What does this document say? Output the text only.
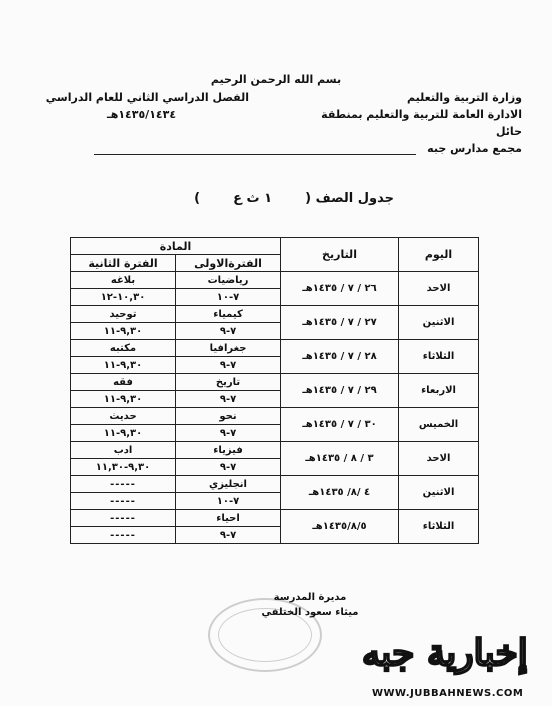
بسم الله الرحمن الرحيم
وزارة التربية والتعليم
الادارة العامة للتربية والتعليم بمنطقة حائل
مجمع مدارس جبه
الفصل الدراسي الثاني للعام الدراسي
١٤٣٥/١٤٣٤هـ
جدول الصف (  ١ ث ع  )
اليوم	التاريخ	المادة	
		الفترةالاولى	الفترة الثانية
الاحد	٢٦ / ٧ / ١٤٣٥هـ	رياضيات	بلاغه
		٧-١٠	١٠,٣٠-١٢
الاثنين	٢٧ / ٧ / ١٤٣٥هـ	كيمياء	توحيد
		٧-٩	٩,٣٠-١١
الثلاثاء	٢٨ / ٧ / ١٤٣٥هـ	جغرافيا	مكتبه
		٧-٩	٩,٣٠-١١
الاربعاء	٢٩ / ٧ / ١٤٣٥هـ	تاريخ	فقه
		٧-٩	٩,٣٠-١١
الخميس	٣٠ / ٧ / ١٤٣٥هـ	نحو	حديث
		٧-٩	٩,٣٠-١١
الاحد	٣ / ٨ / ١٤٣٥هـ	فيزياء	ادب
		٧-٩	٩,٣٠-١١,٣٠
الاثنين	٤ /٨/ ١٤٣٥هـ	انجليزي	-----
		٧-١٠	-----
الثلاثاء	١٤٣٥/٨/٥هـ	احياء	-----
		٧-٩	-----
مديرة المدرسة
ميثاء سعود الختلفي
إخبارية جبه
WWW.JUBBAHNEWS.COM
